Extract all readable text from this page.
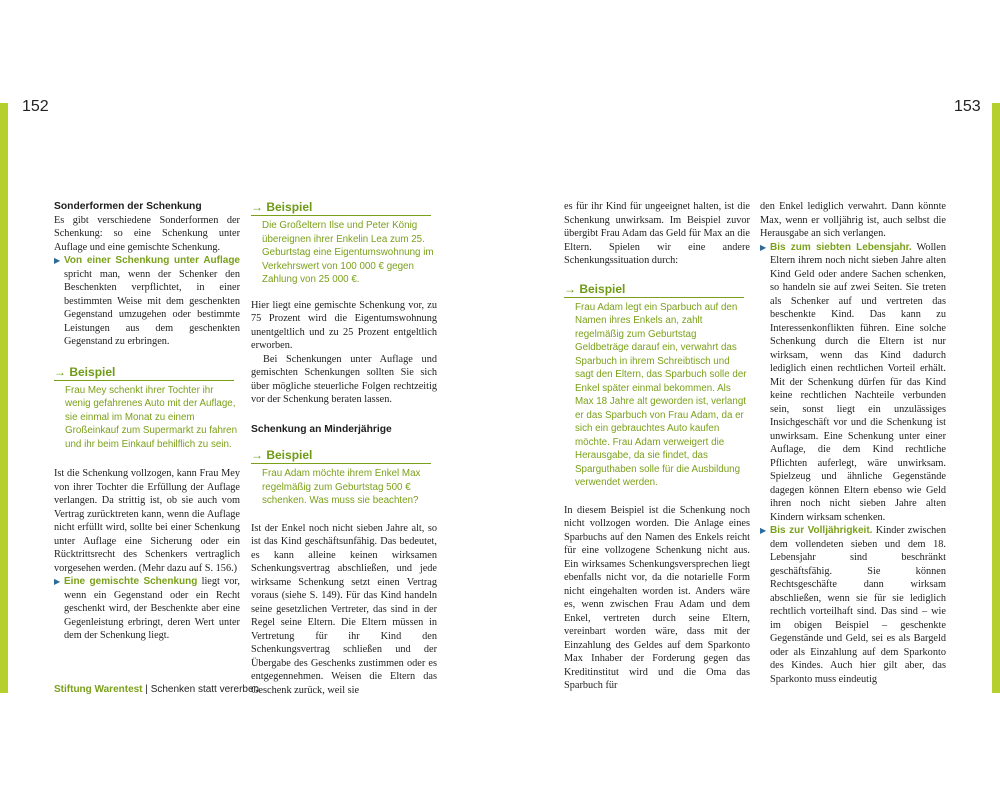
152	153

Sonderformen der Schenkung

Es gibt verschiedene Sonderformen der Schenkung: so eine Schenkung unter Auflage und eine gemischte Schenkung.

▶ Von einer Schenkung unter Auflage spricht man, wenn der Schenker den Beschenkten verpflichtet, in einer bestimmten Weise mit dem geschenkten Gegenstand umzugehen oder bestimmte Leistungen aus dem geschenkten Gegenstand zu erbringen.

→ Beispiel

Frau Mey schenkt ihrer Tochter ihr wenig gefahrenes Auto mit der Auflage, sie einmal im Monat zu einem Großeinkauf zum Supermarkt zu fahren und ihr beim Einkauf behilflich zu sein.

Ist die Schenkung vollzogen, kann Frau Mey von ihrer Tochter die Erfüllung der Auflage verlangen. Da strittig ist, ob sie auch vom Vertrag zurücktreten kann, wenn die Auflage nicht erfüllt wird, sollte bei einer Schenkung unter Auflage eine Sicherung oder ein Rücktrittsrecht des Schenkers vertraglich vorgesehen werden. (Mehr dazu auf S. 156.)

▶ Eine gemischte Schenkung liegt vor, wenn ein Gegenstand oder ein Recht geschenkt wird, der Beschenkte aber eine Gegenleistung erbringt, deren Wert unter dem der Schenkung liegt.

→ Beispiel

Die Großeltern Ilse und Peter König übereignen ihrer Enkelin Lea zum 25. Geburtstag eine Eigentumswohnung im Verkehrswert von 100 000 € gegen Zahlung von 25 000 €.

Hier liegt eine gemischte Schenkung vor, zu 75 Prozent wird die Eigentumswohnung unentgeltlich und zu 25 Prozent entgeltlich erworben.

Bei Schenkungen unter Auflage und gemischten Schenkungen sollten Sie sich über mögliche steuerliche Folgen rechtzeitig vor der Schenkung beraten lassen.

Schenkung an Minderjährige

→ Beispiel

Frau Adam möchte ihrem Enkel Max regelmäßig zum Geburtstag 500 € schenken. Was muss sie beachten?

Ist der Enkel noch nicht sieben Jahre alt, so ist das Kind geschäftsunfähig. Das bedeutet, es kann alleine keinen wirksamen Schenkungsvertrag abschließen, und jede wirksame Schenkung setzt einen Vertrag voraus (siehe S. 149). Für das Kind handeln seine gesetzlichen Vertreter, das sind in der Regel seine Eltern. Die Eltern müssen in Vertretung für ihr Kind den Schenkungsvertrag schließen und der Übergabe des Geschenks zustimmen oder es entgegennehmen. Weisen die Eltern das Geschenk zurück, weil sie

es für ihr Kind für ungeeignet halten, ist die Schenkung unwirksam. Im Beispiel zuvor übergibt Frau Adam das Geld für Max an die Eltern. Spielen wir eine andere Schenkungssituation durch:

→ Beispiel

Frau Adam legt ein Sparbuch auf den Namen ihres Enkels an, zahlt regelmäßig zum Geburtstag Geldbeträge darauf ein, verwahrt das Sparbuch in ihrem Schreibtisch und sagt den Eltern, das Sparbuch solle der Enkel später einmal bekommen. Als Max 18 Jahre alt geworden ist, verlangt er das Sparbuch von Frau Adam, da er sich ein gebrauchtes Auto kaufen möchte. Frau Adam verweigert die Herausgabe, da sie findet, das Sparguthaben solle für die Ausbildung verwendet werden.

In diesem Beispiel ist die Schenkung noch nicht vollzogen worden. Die Anlage eines Sparbuchs auf den Namen des Enkels reicht für eine vollzogene Schenkung nicht aus. Ein wirksames Schenkungsversprechen liegt ebenfalls nicht vor, da die notarielle Form nicht eingehalten worden ist. Anders wäre es, wenn zwischen Frau Adam und dem Enkel, vertreten durch seine Eltern, vereinbart worden wäre, dass mit der Einzahlung des Geldes auf dem Sparkonto Max Inhaber der Forderung gegen das Kreditinstitut wird und die Oma das Sparbuch für

den Enkel lediglich verwahrt. Dann könnte Max, wenn er volljährig ist, auch selbst die Herausgabe an sich verlangen.

▶ Bis zum siebten Lebensjahr. Wollen Eltern ihrem noch nicht sieben Jahre alten Kind Geld oder andere Sachen schenken, so handeln sie auf zwei Seiten. Sie treten als Schenker auf und vertreten das beschenkte Kind. Das kann zu Interessenkonflikten führen. Eine solche Schenkung durch die Eltern ist nur wirksam, wenn das Kind dadurch lediglich einen rechtlichen Vorteil erhält. Mit der Schenkung dürfen für das Kind keine rechtlichen Nachteile verbunden sein, sonst liegt ein unzulässiges Insichgeschäft vor und die Schenkung ist unwirksam. Eine Schenkung unter einer Auflage, die dem Kind rechtliche Pflichten auferlegt, wäre unwirksam. Spielzeug und ähnliche Gegenstände dagegen können Eltern ebenso wie Geld ihren noch nicht sieben Jahre alten Kindern wirksam schenken.
▶ Bis zur Volljährigkeit. Kinder zwischen dem vollendeten sieben und dem 18. Lebensjahr sind beschränkt geschäftsfähig. Sie können Rechtsgeschäfte dann wirksam abschließen, wenn sie für sie lediglich rechtlich vorteilhaft sind. Das sind – wie im obigen Beispiel – geschenkte Gegenstände und Geld, sei es als Bargeld oder als Einzahlung auf dem Sparkonto des Kindes. Auch hier gilt aber, das Sparkonto muss eindeutig
Stiftung Warentest | Schenken statt vererben
